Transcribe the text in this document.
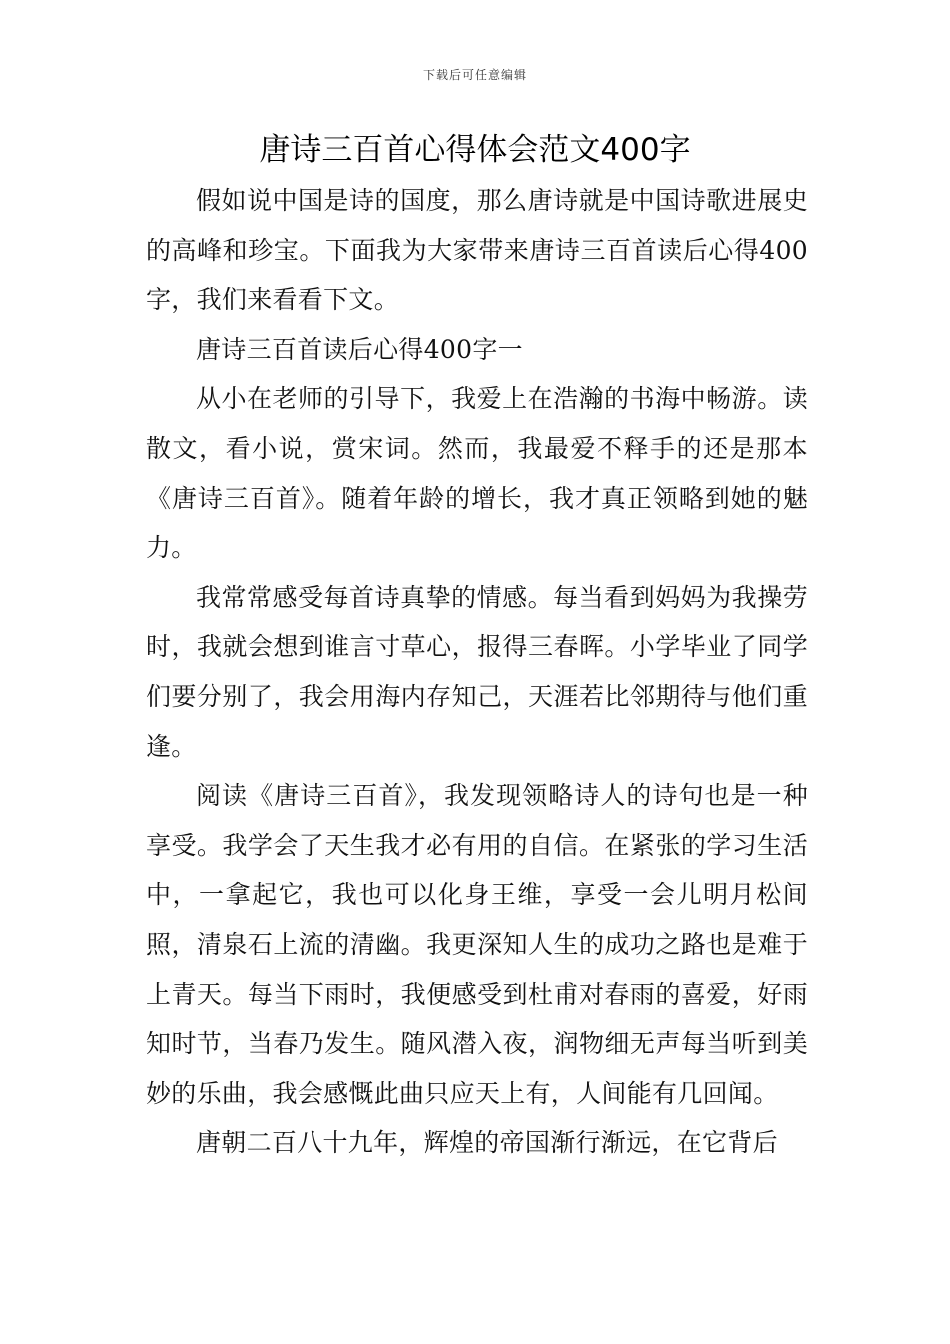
下载后可任意编辑
唐诗三百首心得体会范文400字

假如说中国是诗的国度，那么唐诗就是中国诗歌进展史的高峰和珍宝。下面我为大家带来唐诗三百首读后心得400字，我们来看看下文。

唐诗三百首读后心得400字一

从小在老师的引导下，我爱上在浩瀚的书海中畅游。读散文，看小说，赏宋词。然而，我最爱不释手的还是那本《唐诗三百首》。随着年龄的增长，我才真正领略到她的魅力。

我常常感受每首诗真挚的情感。每当看到妈妈为我操劳时，我就会想到谁言寸草心，报得三春晖。小学毕业了同学们要分别了，我会用海内存知己，天涯若比邻期待与他们重逢。

阅读《唐诗三百首》，我发现领略诗人的诗句也是一种享受。我学会了天生我才必有用的自信。在紧张的学习生活中，一拿起它，我也可以化身王维，享受一会儿明月松间照，清泉石上流的清幽。我更深知人生的成功之路也是难于上青天。每当下雨时，我便感受到杜甫对春雨的喜爱，好雨知时节，当春乃发生。随风潜入夜，润物细无声每当听到美妙的乐曲，我会感慨此曲只应天上有，人间能有几回闻。

唐朝二百八十九年，辉煌的帝国渐行渐远，在它背后
